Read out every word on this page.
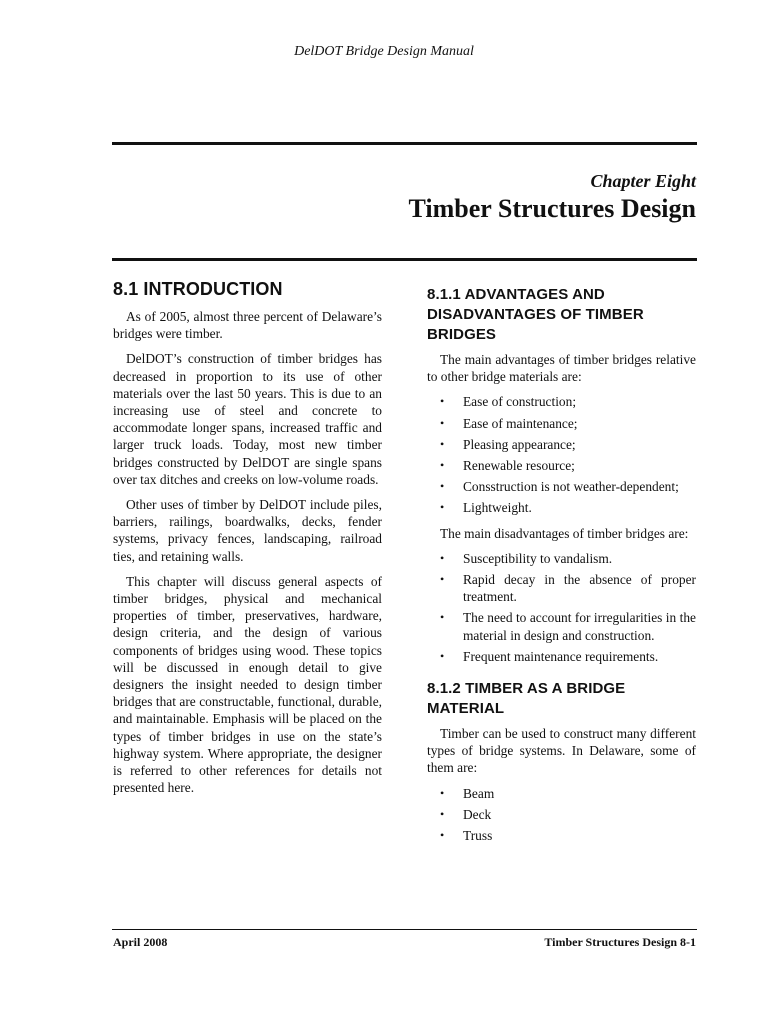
DelDOT Bridge Design Manual
Chapter Eight
Timber Structures Design
8.1 INTRODUCTION

As of 2005, almost three percent of Delaware’s bridges were timber.

DelDOT’s construction of timber bridges has decreased in proportion to its use of other materials over the last 50 years. This is due to an increasing use of steel and concrete to accommodate longer spans, increased traffic and larger truck loads. Today, most new timber bridges constructed by DelDOT are single spans over tax ditches and creeks on low-volume roads.

Other uses of timber by DelDOT include piles, barriers, railings, boardwalks, decks, fender systems, privacy fences, landscaping, railroad ties, and retaining walls.

This chapter will discuss general aspects of timber bridges, physical and mechanical properties of timber, preservatives, hardware, design criteria, and the design of various components of bridges using wood. These topics will be discussed in enough detail to give designers the insight needed to design timber bridges that are constructable, functional, durable, and maintainable. Emphasis will be placed on the types of timber bridges in use on the state’s highway system. Where appropriate, the designer is referred to other references for details not presented here.

8.1.1 ADVANTAGES AND DISADVANTAGES OF TIMBER BRIDGES

The main advantages of timber bridges relative to other bridge materials are:

• Ease of construction;
• Ease of maintenance;
• Pleasing appearance;
• Renewable resource;
• Consstruction is not weather-dependent;
• Lightweight.

The main disadvantages of timber bridges are:

• Susceptibility to vandalism.
• Rapid decay in the absence of proper treatment.
• The need to account for irregularities in the material in design and construction.
• Frequent maintenance requirements.
8.1.2 TIMBER AS A BRIDGE MATERIAL

Timber can be used to construct many different types of bridge systems. In Delaware, some of them are:

• Beam
• Deck
• Truss
April 2008	Timber Structures Design 8-1
